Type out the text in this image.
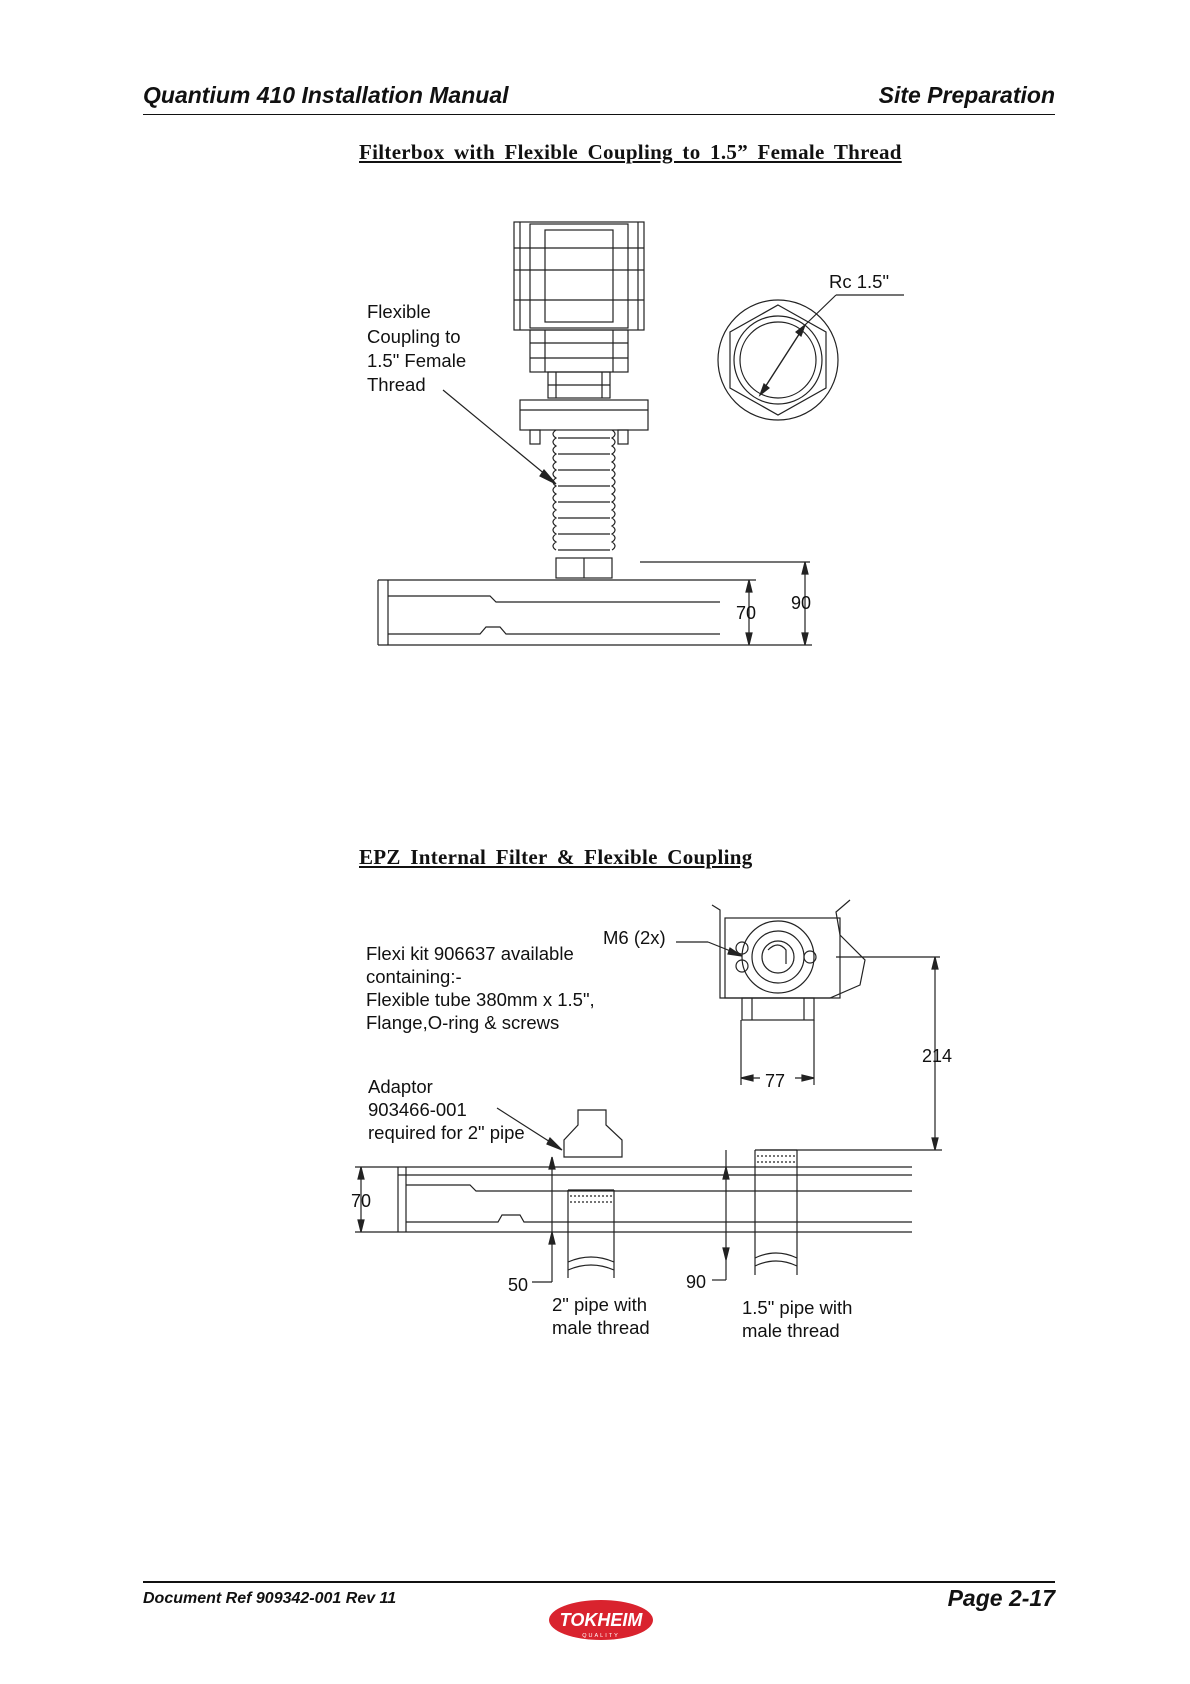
Quantium 410 Installation Manual	Site Preparation
Filterbox with Flexible Coupling to 1.5” Female Thread
Flexible
Coupling to
1.5" Female
Thread
Rc 1.5"
70 90
EPZ Internal Filter & Flexible Coupling
M6 (2x)
Flexi kit 906637 available
containing:-
Flexible tube 380mm x 1.5",
Flange,O-ring & screws
Adaptor
903466-001
required for 2" pipe
214
77
70
50	90
2" pipe with
male thread
1.5" pipe with
male thread
Document Ref 909342-001 Rev 11	Page 2-17
TOKHEIM
QUALITY
